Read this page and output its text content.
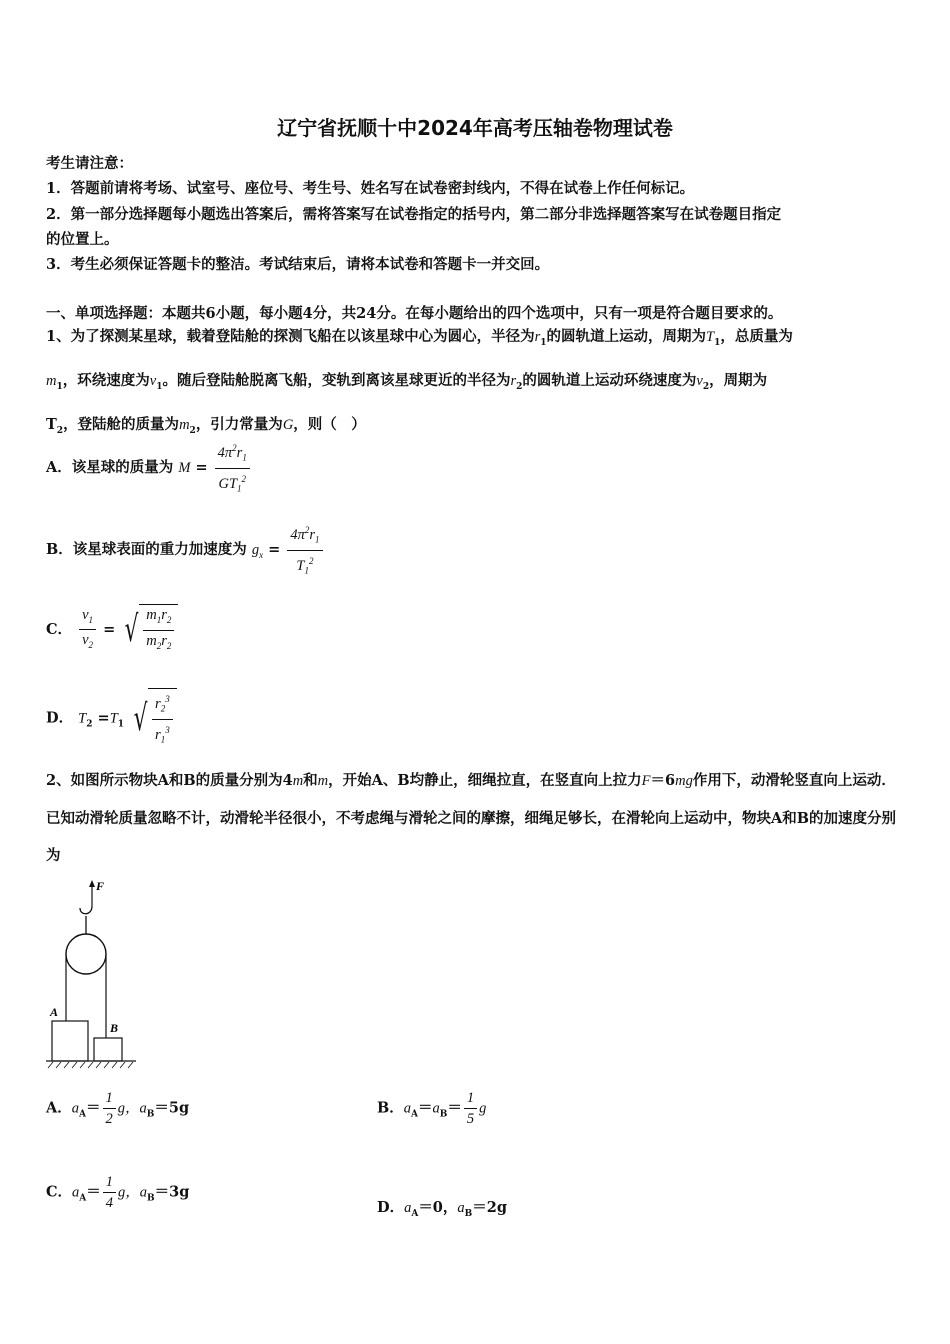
辽宁省抚顺十中2024年高考压轴卷物理试卷
考生请注意：
1．答题前请将考场、试室号、座位号、考生号、姓名写在试卷密封线内，不得在试卷上作任何标记。
2．第一部分选择题每小题选出答案后，需将答案写在试卷指定的括号内，第二部分非选择题答案写在试卷题目指定
的位置上。
3．考生必须保证答题卡的整洁。考试结束后，请将本试卷和答题卡一并交回。
一、单项选择题：本题共6小题，每小题4分，共24分。在每小题给出的四个选项中，只有一项是符合题目要求的。
1、为了探测某星球，载着登陆舱的探测飞船在以该星球中心为圆心，半径为$r_1$的圆轨道上运动，周期为$T_1$，总质量为
$m_1$，环绕速度为$v_1$。随后登陆舱脱离飞船，变轨到离该星球更近的半径为$r_2$的圆轨道上运动环绕速度为$v_2$，周期为
$T_2$，登陆舱的质量为$m_2$，引力常量为G，则（　）
A．该星球的质量为 $M = \frac{4\pi^2r_1}{GT_1^2}$
B．该星球表面的重力加速度为 $g_x = \frac{4\pi^2r_1}{T_1^2}$
C． $\frac{v_1}{v_2}$ = √ $\frac{m_1r_2}{m_2r_2}$
D． $T_2 =T_1$ √ $\frac{r_2^3}{r_1^3}$
2、如图所示物块A和B的质量分别为4m和m，开始A、B均静止，细绳拉直，在竖直向上拉力F＝6mg作用下，动滑轮竖直向上运动．已知动滑轮质量忽略不计，动滑轮半径很小，不考虑绳与滑轮之间的摩擦，细绳足够长，在滑轮向上运动中，物块A和B的加速度分别为
F
A
B
A．$a_A= \frac{1}{2}$ g，$a_B=5g$	B．$a_A=a_B= \frac{1}{5}$ g
C．$a_A= \frac{1}{4}$ g，$a_B=3g$
D．$a_A=0$，$a_B=2g$
